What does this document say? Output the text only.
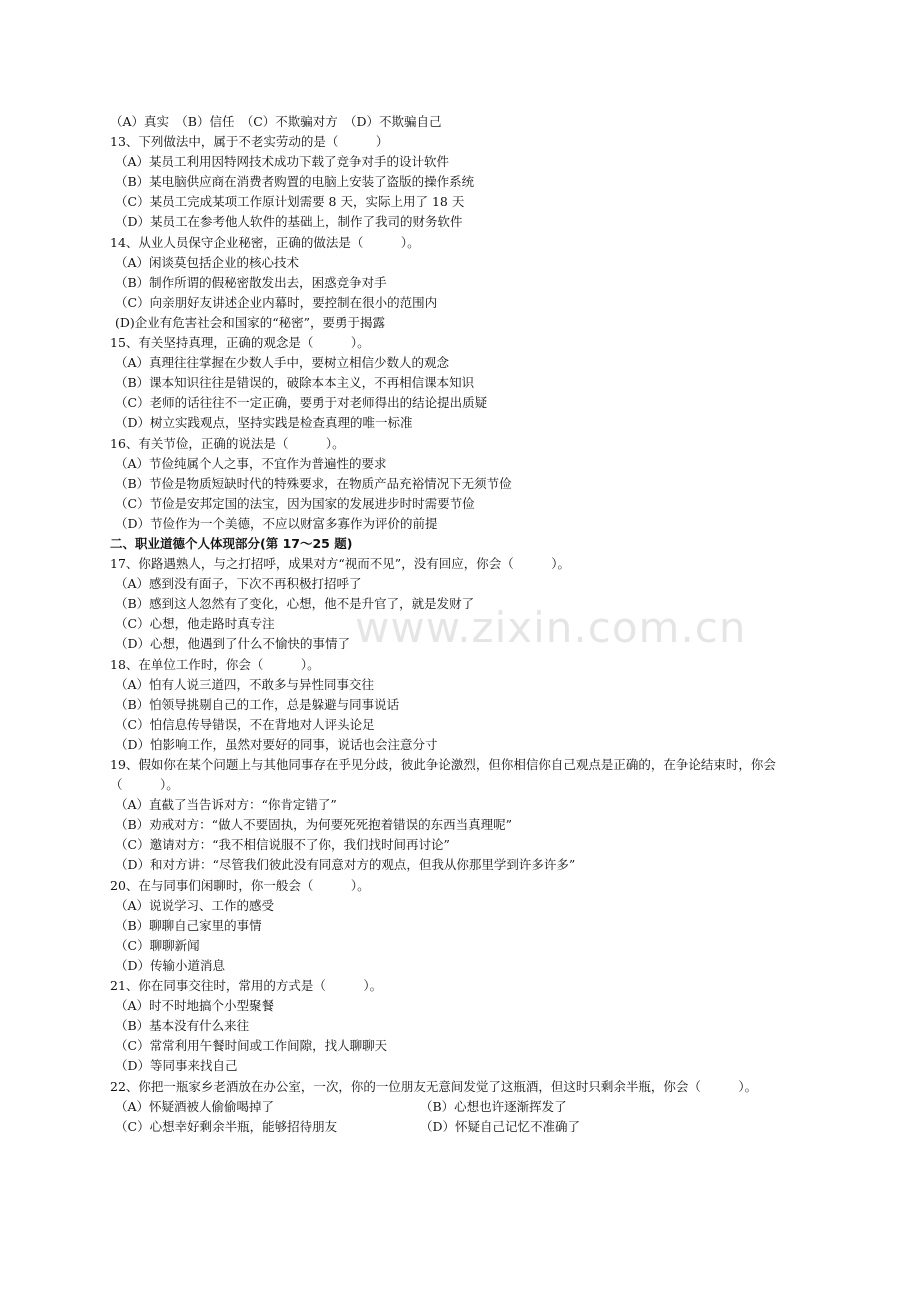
（A）真实　（B）信任　（C）不欺骗对方　（D）不欺骗自己
13、下列做法中，属于不老实劳动的是（　　　）
（A）某员工利用因特网技术成功下载了竞争对手的设计软件
（B）某电脑供应商在消费者购置的电脑上安装了盗版的操作系统
（C）某员工完成某项工作原计划需要 8 天，实际上用了 18 天
（D）某员工在参考他人软件的基础上，制作了我司的财务软件
14、从业人员保守企业秘密，正确的做法是（　　　）。
（A）闲谈莫包括企业的核心技术
（B）制作所谓的假秘密散发出去，困惑竞争对手
（C）向亲朋好友讲述企业内幕时，要控制在很小的范围内
(D)企业有危害社会和国家的“秘密”，要勇于揭露
15、有关坚持真理，正确的观念是（　　　）。
（A）真理往往掌握在少数人手中，要树立相信少数人的观念
（B）课本知识往往是错误的，破除本本主义，不再相信课本知识
（C）老师的话往往不一定正确，要勇于对老师得出的结论提出质疑
（D）树立实践观点，坚持实践是检查真理的唯一标准
16、有关节俭，正确的说法是（　　　）。
（A）节俭纯属个人之事，不宜作为普遍性的要求
（B）节俭是物质短缺时代的特殊要求，在物质产品充裕情况下无须节俭
（C）节俭是安邦定国的法宝，因为国家的发展进步时时需要节俭
（D）节俭作为一个美德，不应以财富多寡作为评价的前提
二、职业道德个人体现部分(第 17～25 题)
17、你路遇熟人，与之打招呼，成果对方“视而不见”，没有回应，你会（　　　）。
（A）感到没有面子，下次不再积极打招呼了
（B）感到这人忽然有了变化，心想，他不是升官了，就是发财了
（C）心想，他走路时真专注
（D）心想，他遇到了什么不愉快的事情了
18、在单位工作时，你会（　　　）。
（A）怕有人说三道四，不敢多与异性同事交往
（B）怕领导挑剔自己的工作，总是躲避与同事说话
（C）怕信息传导错误，不在背地对人评头论足
（D）怕影响工作，虽然对要好的同事，说话也会注意分寸
19、假如你在某个问题上与其他同事存在乎见分歧，彼此争论激烈，但你相信你自己观点是正确的，在争论结束时，你会（　　　）。
（A）直截了当告诉对方：“你肯定错了”
（B）劝戒对方：“做人不要固执，为何要死死抱着错误的东西当真理呢”
（C）邀请对方：“我不相信说服不了你，我们找时间再讨论”
（D）和对方讲：“尽管我们彼此没有同意对方的观点，但我从你那里学到许多许多”
20、在与同事们闲聊时，你一般会（　　　）。
（A）说说学习、工作的感受
（B）聊聊自己家里的事情
（C）聊聊新闻
（D）传输小道消息
21、你在同事交往时，常用的方式是（　　　）。
（A）时不时地搞个小型聚餐
（B）基本没有什么来往
（C）常常利用午餐时间或工作间隙，找人聊聊天
（D）等同事来找自己
22、你把一瓶家乡老酒放在办公室，一次，你的一位朋友无意间发觉了这瓶酒，但这时只剩余半瓶，你会（　　　）。
（A）怀疑酒被人偷偷喝掉了	（B）心想也许逐渐挥发了
（C）心想幸好剩余半瓶，能够招待朋友	（D）怀疑自己记忆不准确了
www.zixin.com.cn
